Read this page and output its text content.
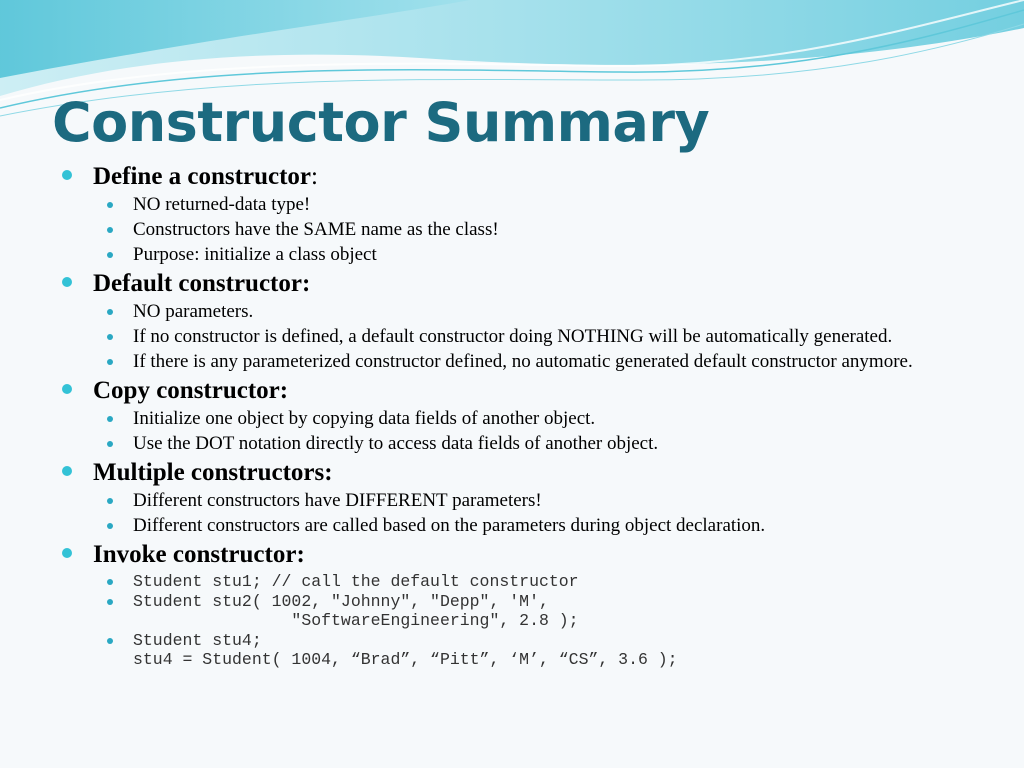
Constructor Summary
Define a constructor:
NO returned-data type!
Constructors have the SAME name as the class!
Purpose: initialize a class object
Default constructor:
NO parameters.
If no constructor is defined, a default constructor doing NOTHING will be automatically generated.
If there is any parameterized constructor defined, no automatic generated default constructor anymore.
Copy constructor:
Initialize one object by copying data fields of another object.
Use the DOT notation directly to access data fields of another object.
Multiple constructors:
Different constructors have DIFFERENT parameters!
Different constructors are called based on the parameters during object declaration.
Invoke constructor:
Student stu1; // call the default constructor
Student stu2( 1002, "Johnny", "Depp", 'M',
"SoftwareEngineering", 2.8 );
Student stu4;
stu4 = Student( 1004, “Brad”, “Pitt”, ‘M’, “CS”, 3.6 );
